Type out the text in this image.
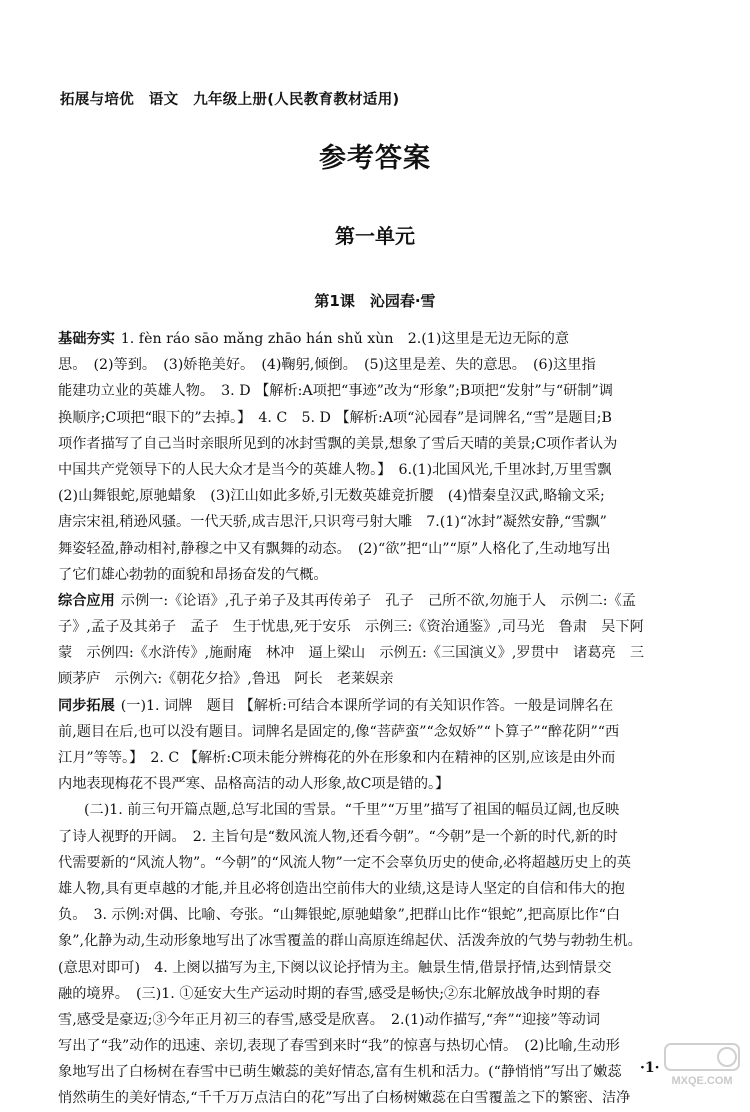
拓展与培优　语文　九年级上册(人民教育教材适用)
参考答案
第一单元
第1课　沁园春·雪
基础夯实 1. fèn ráo sāo mǎng zhāo hán shǔ xùn　2.(1)这里是无边无际的意
思。　(2)等到。　(3)娇艳美好。　(4)鞠躬,倾倒。　(5)这里是差、失的意思。　(6)这里指
能建功立业的英雄人物。　3. D 【解析:A项把“事迹”改为“形象”;B项把“发射”与“研制”调
换顺序;C项把“眼下的”去掉。】　4. C　5. D 【解析:A项“沁园春”是词牌名,“雪”是题目;B
项作者描写了自己当时亲眼所见到的冰封雪飘的美景,想象了雪后天晴的美景;C项作者认为
中国共产党领导下的人民大众才是当今的英雄人物。】　6.(1)北国风光,千里冰封,万里雪飘
(2)山舞银蛇,原驰蜡象　(3)江山如此多娇,引无数英雄竞折腰　(4)惜秦皇汉武,略输文采;
唐宗宋祖,稍逊风骚。一代天骄,成吉思汗,只识弯弓射大雕　7.(1)“冰封”凝然安静,“雪飘”
舞姿轻盈,静动相衬,静穆之中又有飘舞的动态。　(2)“欲”把“山”“原”人格化了,生动地写出
了它们雄心勃勃的面貌和昂扬奋发的气概。
综合应用 示例一:《论语》,孔子弟子及其再传弟子　孔子　己所不欲,勿施于人　示例二:《孟
子》,孟子及其弟子　孟子　生于忧患,死于安乐　示例三:《资治通鉴》,司马光　鲁肃　吴下阿
蒙　示例四:《水浒传》,施耐庵　林冲　逼上梁山　示例五:《三国演义》,罗贯中　诸葛亮　三
顾茅庐　示例六:《朝花夕拾》,鲁迅　阿长　老莱娱亲
同步拓展 (一)1. 词牌　题目 【解析:可结合本课所学词的有关知识作答。一般是词牌名在
前,题目在后,也可以没有题目。词牌名是固定的,像“菩萨蛮”“念奴娇”“卜算子”“醉花阴”“西
江月”等等。】　2. C 【解析:C项未能分辨梅花的外在形象和内在精神的区别,应该是由外而
内地表现梅花不畏严寒、品格高洁的动人形象,故C项是错的。】
(二)1. 前三句开篇点题,总写北国的雪景。“千里”“万里”描写了祖国的幅员辽阔,也反映
了诗人视野的开阔。　2. 主旨句是“数风流人物,还看今朝”。“今朝”是一个新的时代,新的时
代需要新的“风流人物”。“今朝”的“风流人物”一定不会辜负历史的使命,必将超越历史上的英
雄人物,具有更卓越的才能,并且必将创造出空前伟大的业绩,这是诗人坚定的自信和伟大的抱
负。　3. 示例:对偶、比喻、夸张。“山舞银蛇,原驰蜡象”,把群山比作“银蛇”,把高原比作“白
象”,化静为动,生动形象地写出了冰雪覆盖的群山高原连绵起伏、活泼奔放的气势与勃勃生机。
(意思对即可)　4. 上阕以描写为主,下阕以议论抒情为主。触景生情,借景抒情,达到情景交
融的境界。　(三)1. ①延安大生产运动时期的春雪,感受是畅快;②东北解放战争时期的春
雪,感受是豪迈;③今年正月初三的春雪,感受是欣喜。　2.(1)动作描写,“奔”“迎接”等动词
写出了“我”动作的迅速、亲切,表现了春雪到来时“我”的惊喜与热切心情。　(2)比喻,生动形
象地写出了白杨树在春雪中已萌生嫩蕊的美好情态,富有生机和活力。(“静悄悄”写出了嫩蕊
悄然萌生的美好情态,“千千万万点洁白的花”写出了白杨树嫩蕊在白雪覆盖之下的繁密、洁净
·1·
MXQE.COM
